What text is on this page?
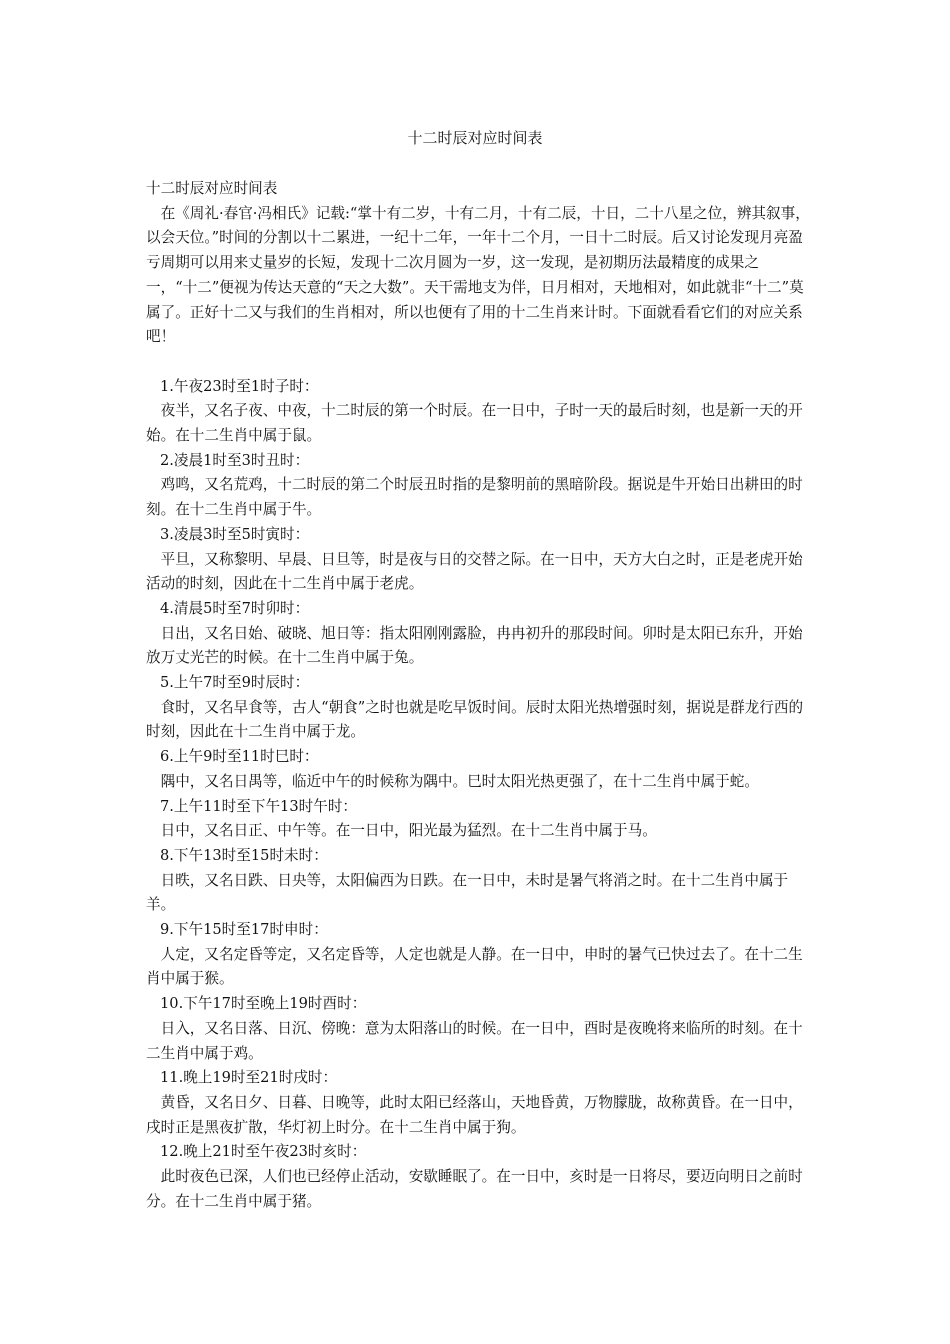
十二时辰对应时间表

十二时辰对应时间表

在《周礼·春官·冯相氏》记载:“掌十有二岁，十有二月，十有二辰，十日，二十八星之位，辨其叙事，以会天位。”时间的分割以十二累进，一纪十二年，一年十二个月，一日十二时辰。后又讨论发现月亮盈亏周期可以用来丈量岁的长短，发现十二次月圆为一岁，这一发现，是初期历法最精度的成果之一，“十二”便视为传达天意的“天之大数”。天干需地支为伴，日月相对，天地相对，如此就非“十二”莫属了。正好十二又与我们的生肖相对，所以也便有了用的十二生肖来计时。下面就看看它们的对应关系吧！

1.午夜23时至1时子时：

夜半，又名子夜、中夜，十二时辰的第一个时辰。在一日中，子时一天的最后时刻，也是新一天的开始。在十二生肖中属于鼠。

2.凌晨1时至3时丑时：

鸡鸣，又名荒鸡，十二时辰的第二个时辰丑时指的是黎明前的黑暗阶段。据说是牛开始日出耕田的时刻。在十二生肖中属于牛。

3.凌晨3时至5时寅时：

平旦，又称黎明、早晨、日旦等，时是夜与日的交替之际。在一日中，天方大白之时，正是老虎开始活动的时刻，因此在十二生肖中属于老虎。

4.清晨5时至7时卯时：

日出，又名日始、破晓、旭日等：指太阳刚刚露脸，冉冉初升的那段时间。卯时是太阳已东升，开始放万丈光芒的时候。在十二生肖中属于兔。

5.上午7时至9时辰时：

食时，又名早食等，古人“朝食”之时也就是吃早饭时间。辰时太阳光热增强时刻，据说是群龙行西的时刻，因此在十二生肖中属于龙。

6.上午9时至11时巳时：

隅中，又名日禺等，临近中午的时候称为隅中。巳时太阳光热更强了，在十二生肖中属于蛇。

7.上午11时至下午13时午时：

日中，又名日正、中午等。在一日中，阳光最为猛烈。在十二生肖中属于马。

8.下午13时至15时未时：

日昳，又名日跌、日央等，太阳偏西为日跌。在一日中，未时是暑气将消之时。在十二生肖中属于羊。

9.下午15时至17时申时：

人定，又名定昏等定，又名定昏等，人定也就是人静。在一日中，申时的暑气已快过去了。在十二生肖中属于猴。

10.下午17时至晚上19时酉时：

日入，又名日落、日沉、傍晚：意为太阳落山的时候。在一日中，酉时是夜晚将来临所的时刻。在十二生肖中属于鸡。

11.晚上19时至21时戌时：

黄昏，又名日夕、日暮、日晚等，此时太阳已经落山，天地昏黄，万物朦胧，故称黄昏。在一日中，戌时正是黑夜扩散，华灯初上时分。在十二生肖中属于狗。

12.晚上21时至午夜23时亥时：

此时夜色已深，人们也已经停止活动，安歇睡眠了。在一日中，亥时是一日将尽，要迈向明日之前时分。在十二生肖中属于猪。
